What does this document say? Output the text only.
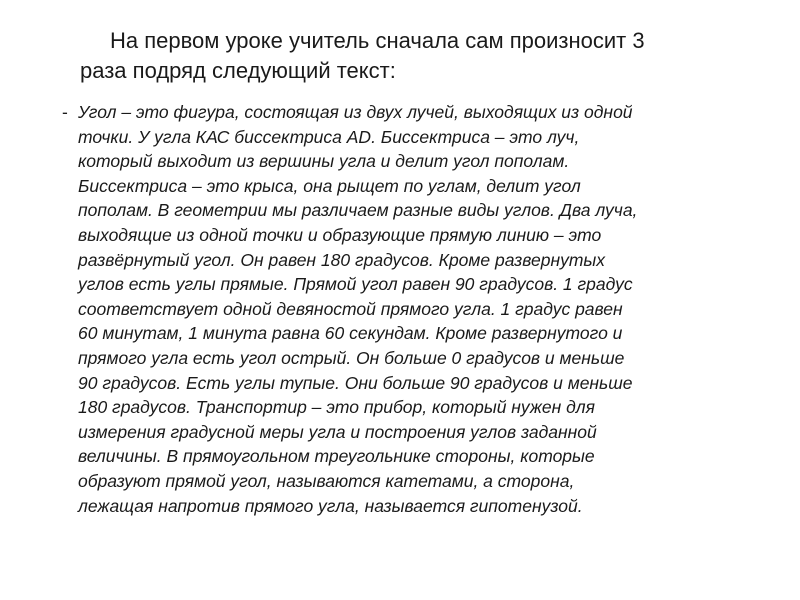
На первом уроке учитель сначала сам произносит 3
раза подряд следующий текст:

- Угол – это фигура, состоящая из двух лучей, выходящих из одной
точки. У угла КАС биссектриса AD. Биссектриса – это луч,
который выходит из вершины угла и делит угол пополам.
Биссектриса – это крыса, она рыщет по углам, делит угол
пополам. В геометрии мы различаем разные виды углов. Два луча,
выходящие из одной точки и образующие прямую линию – это
развёрнутый угол. Он равен 180 градусов. Кроме развернутых
углов есть углы прямые. Прямой угол равен 90 градусов. 1 градус
соответствует одной девяностой прямого угла. 1 градус равен
60 минутам, 1 минута равна 60 секундам. Кроме развернутого и
прямого угла есть угол острый. Он больше 0 градусов и меньше
90 градусов. Есть углы тупые. Они больше 90 градусов и меньше
180 градусов. Транспортир – это прибор, который нужен для
измерения градусной меры угла и построения углов заданной
величины. В прямоугольном треугольнике стороны, которые
образуют прямой угол, называются катетами, а сторона,
лежащая напротив прямого угла, называется гипотенузой.
